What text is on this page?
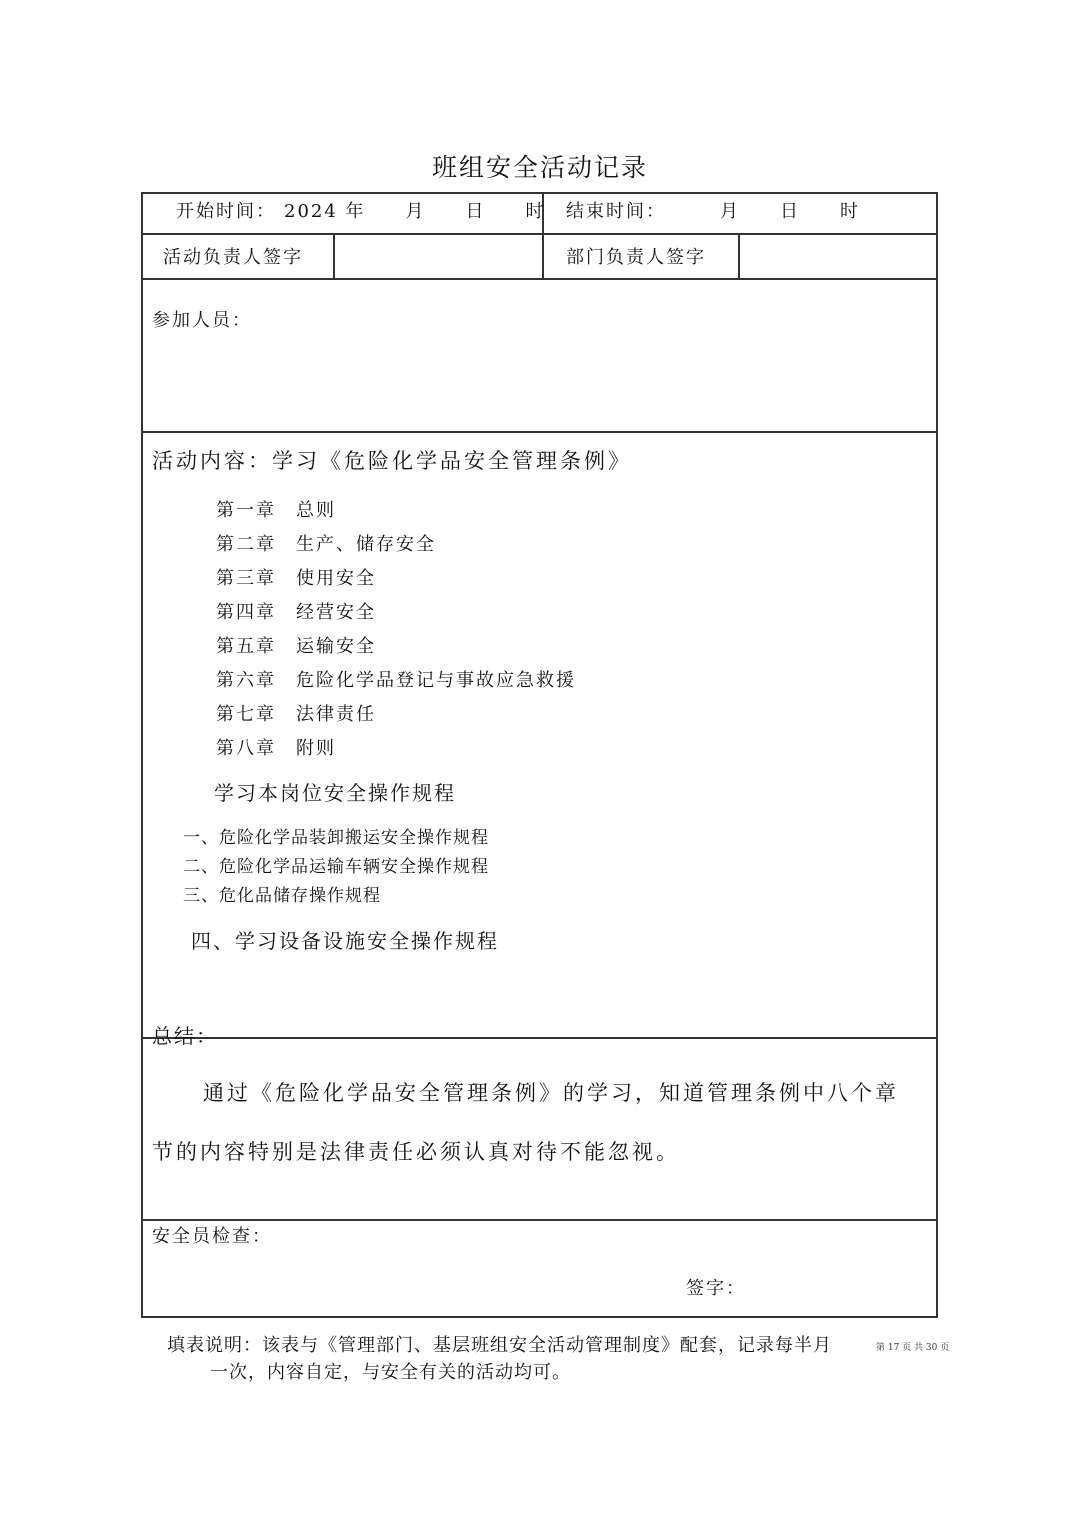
班组安全活动记录
开始时间： 2024 年　　月　　日　　时 结束时间：	月　　日　　时
活动负责人签字	部门负责人签字
参加人员：
活动内容：学习《危险化学品安全管理条例》
第一章　总则
第二章　生产、储存安全
第三章　使用安全
第四章　经营安全
第五章　运输安全
第六章　危险化学品登记与事故应急救援
第七章　法律责任
第八章　附则
学习本岗位安全操作规程
一、危险化学品装卸搬运安全操作规程
二、危险化学品运输车辆安全操作规程
三、危化品储存操作规程
四、学习设备设施安全操作规程
总结：
通过《危险化学品安全管理条例》的学习，知道管理条例中八个章
节的内容特别是法律责任必须认真对待不能忽视。
安全员检查：
签字：
填表说明：该表与《管理部门、基层班组安全活动管理制度》配套，记录每半月	第 17 页 共 30 页
一次，内容自定，与安全有关的活动均可。
